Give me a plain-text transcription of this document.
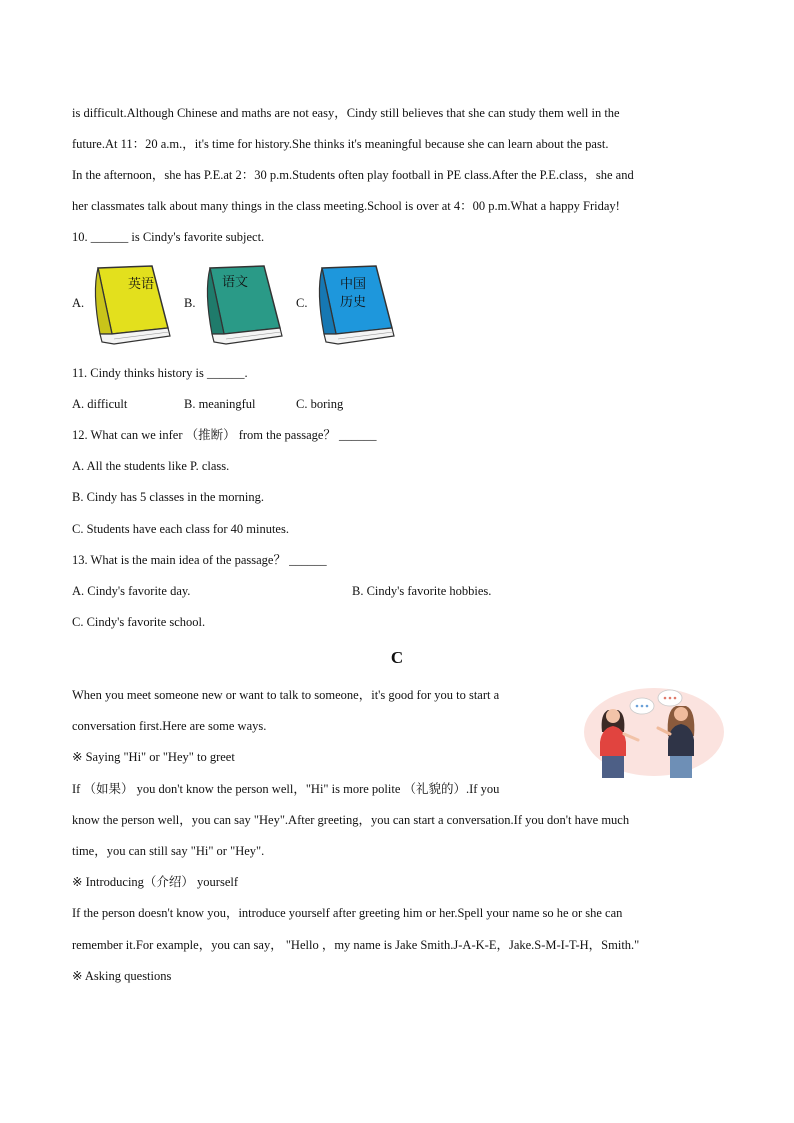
is difficult.Although Chinese and maths are not easy，Cindy still believes that she can study them well in the
future.At 11：20 a.m.，it's time for history.She thinks it's meaningful because she can learn about the past.
In the afternoon，she has P.E.at 2：30 p.m.Students often play football in PE class.After the P.E.class，she and
her classmates talk about many things in the class meeting.School is over at 4：00 p.m.What a happy Friday!
10. ______ is Cindy's favorite subject.
A.	B.	C.
英语	语文	中国
历史
11. Cindy thinks history is ______.
A. difficult	B. meaningful	C. boring
12. What can we infer （推断） from the passage？ ______
A. All the students like P. class.
B. Cindy has 5 classes in the morning.
C. Students have each class for 40 minutes.
13. What is the main idea of the passage？ ______
A. Cindy's favorite day.	B. Cindy's favorite hobbies.
C. Cindy's favorite school.
C
When you meet someone new or want to talk to someone，it's good for you to start a
conversation first.Here are some ways.
※ Saying "Hi" or "Hey" to greet
If （如果） you don't know the person well，"Hi" is more polite （礼貌的）.If you
know the person well，you can say "Hey".After greeting，you can start a conversation.If you don't have much
time，you can still say "Hi" or "Hey".
※ Introducing（介绍） yourself
If the person doesn't know you，introduce yourself after greeting him or her.Spell your name so he or she can
remember it.For example，you can say， "Hello ，my name is Jake Smith.J-A-K-E，Jake.S-M-I-T-H，Smith."
※ Asking questions
